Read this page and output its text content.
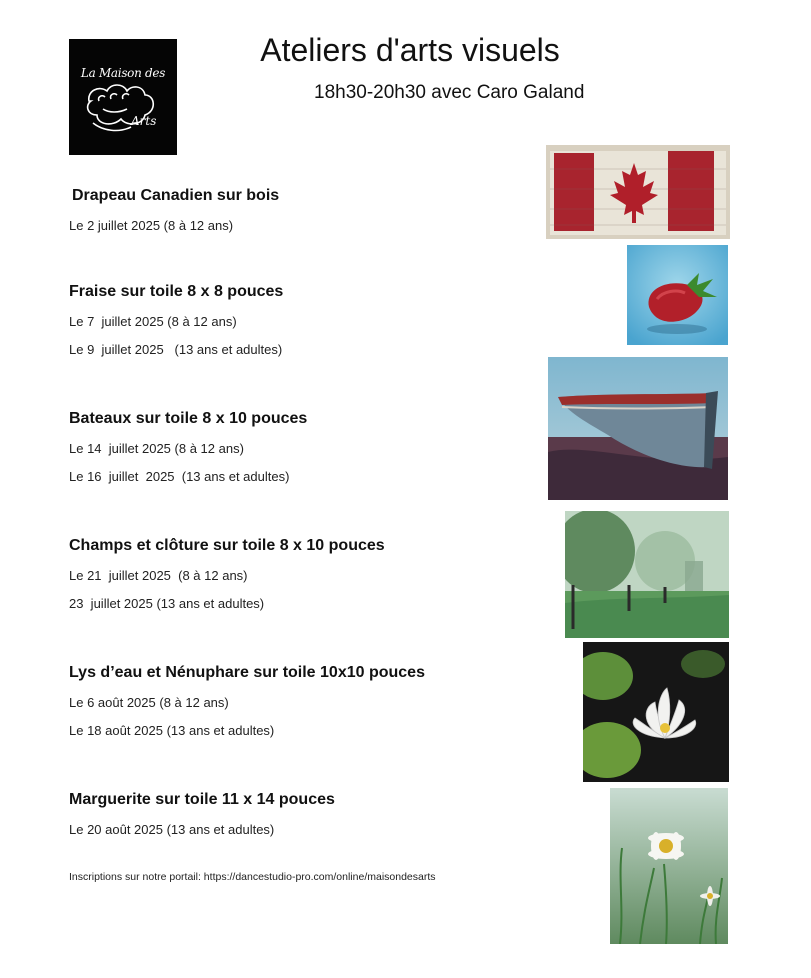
La Maison des
Arts
Ateliers d'arts visuels
18h30-20h30 avec Caro Galand
Drapeau Canadien sur bois
Le 2 juillet 2025 (8 à 12 ans)
Fraise sur toile 8 x 8 pouces
Le 7  juillet 2025 (8 à 12 ans)
Le 9  juillet 2025   (13 ans et adultes)
Bateaux sur toile 8 x 10 pouces
Le 14  juillet 2025 (8 à 12 ans)
Le 16  juillet  2025  (13 ans et adultes)
Champs et clôture sur toile 8 x 10 pouces
Le 21  juillet 2025  (8 à 12 ans)
23  juillet 2025 (13 ans et adultes)
Lys d’eau et Nénuphare sur toile 10x10 pouces
Le 6 août 2025 (8 à 12 ans)
Le 18 août 2025 (13 ans et adultes)
Marguerite sur toile 11 x 14 pouces
Le 20 août 2025 (13 ans et adultes)
Inscriptions sur notre portail: https://dancestudio-pro.com/online/maisondesarts
